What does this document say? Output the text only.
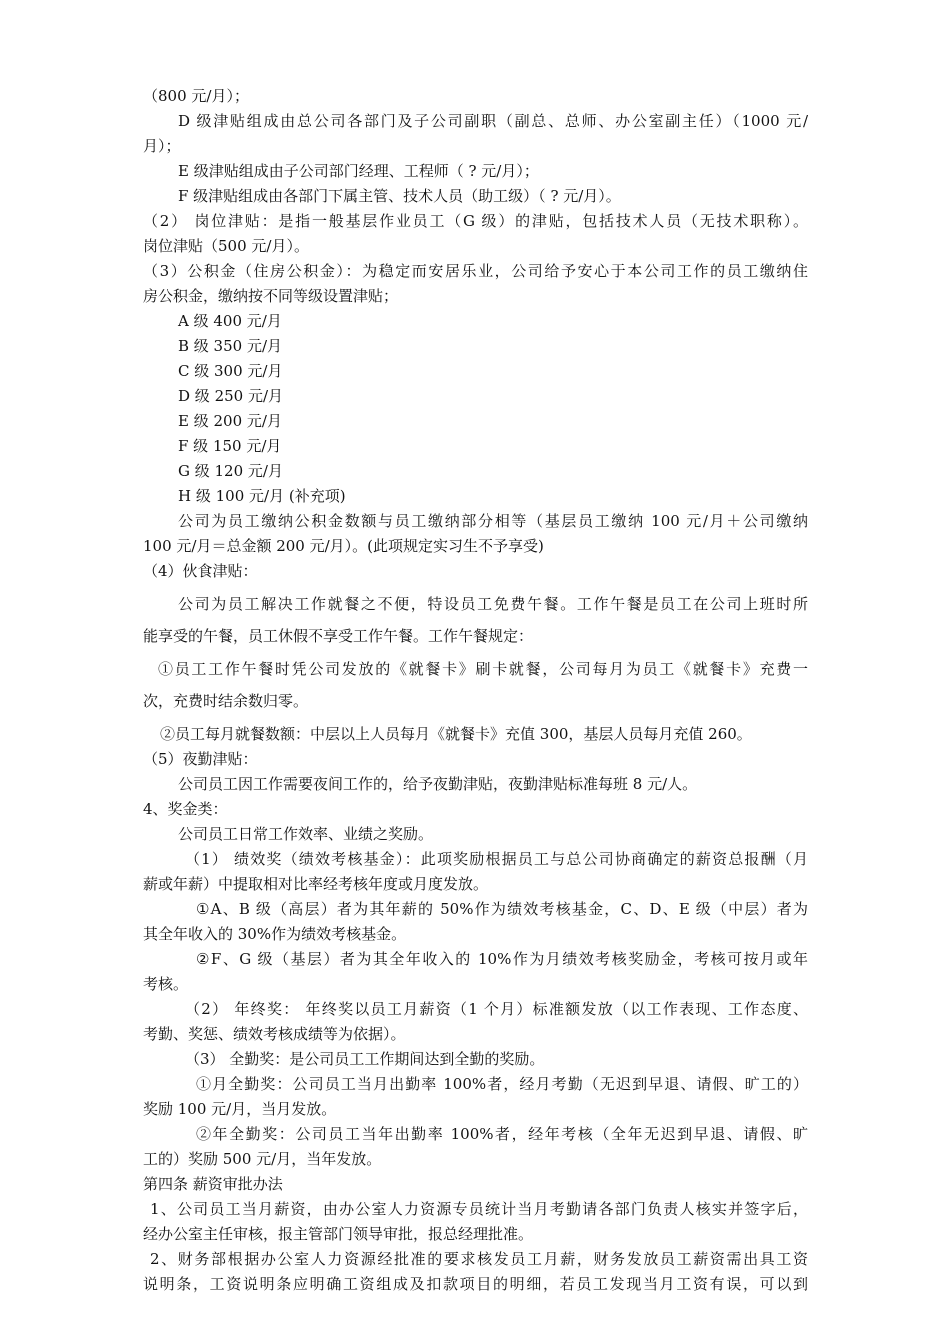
（800 元/月）；
D 级津贴组成由总公司各部门及子公司副职（副总、总师、办公室副主任）（1000 元/
月）；
E 级津贴组成由子公司部门经理、工程师（ ? 元/月）；
F 级津贴组成由各部门下属主管、技术人员（助工级）（ ? 元/月）。
（2） 岗位津贴：是指一般基层作业员工（G 级）的津贴，包括技术人员（无技术职称）。
岗位津贴（500 元/月）。
（3）公积金（住房公积金）：为稳定而安居乐业，公司给予安心于本公司工作的员工缴纳住
房公积金，缴纳按不同等级设置津贴；
A 级 400 元/月
B 级 350 元/月
C 级 300 元/月
D 级 250 元/月
E 级 200 元/月
F 级 150 元/月
G 级 120 元/月
H 级 100 元/月 (补充项)
公司为员工缴纳公积金数额与员工缴纳部分相等（基层员工缴纳 100 元/月＋公司缴纳
100 元/月＝总金额 200 元/月）。(此项规定实习生不予享受)
（4）伙食津贴：
公司为员工解决工作就餐之不便，特设员工免费午餐。工作午餐是员工在公司上班时所
能享受的午餐，员工休假不享受工作午餐。工作午餐规定：
①员工工作午餐时凭公司发放的《就餐卡》刷卡就餐，公司每月为员工《就餐卡》充费一
次，充费时结余数归零。
②员工每月就餐数额：中层以上人员每月《就餐卡》充值 300，基层人员每月充值 260。
（5）夜勤津贴：
公司员工因工作需要夜间工作的，给予夜勤津贴，夜勤津贴标准每班 8 元/人。
4、奖金类：
公司员工日常工作效率、业绩之奖励。
（1） 绩效奖（绩效考核基金）：此项奖励根据员工与总公司协商确定的薪资总报酬（月
薪或年薪）中提取相对比率经考核年度或月度发放。
①A、B 级（高层）者为其年薪的 50%作为绩效考核基金，C、D、E 级（中层）者为
其全年收入的 30%作为绩效考核基金。
②F、G 级（基层）者为其全年收入的 10%作为月绩效考核奖励金，考核可按月或年
考核。
（2） 年终奖： 年终奖以员工月薪资（1 个月）标准额发放（以工作表现、工作态度、
考勤、奖惩、绩效考核成绩等为依据）。
（3） 全勤奖：是公司员工工作期间达到全勤的奖励。
①月全勤奖：公司员工当月出勤率 100%者，经月考勤（无迟到早退、请假、旷工的）
奖励 100 元/月，当月发放。
②年全勤奖：公司员工当年出勤率 100%者，经年考核（全年无迟到早退、请假、旷
工的）奖励 500 元/月，当年发放。
第四条 薪资审批办法
1、公司员工当月薪资，由办公室人力资源专员统计当月考勤请各部门负责人核实并签字后，
经办公室主任审核，报主管部门领导审批，报总经理批准。
2、财务部根据办公室人力资源经批准的要求核发员工月薪，财务发放员工薪资需出具工资
说明条，工资说明条应明确工资组成及扣款项目的明细，若员工发现当月工资有误，可以到
